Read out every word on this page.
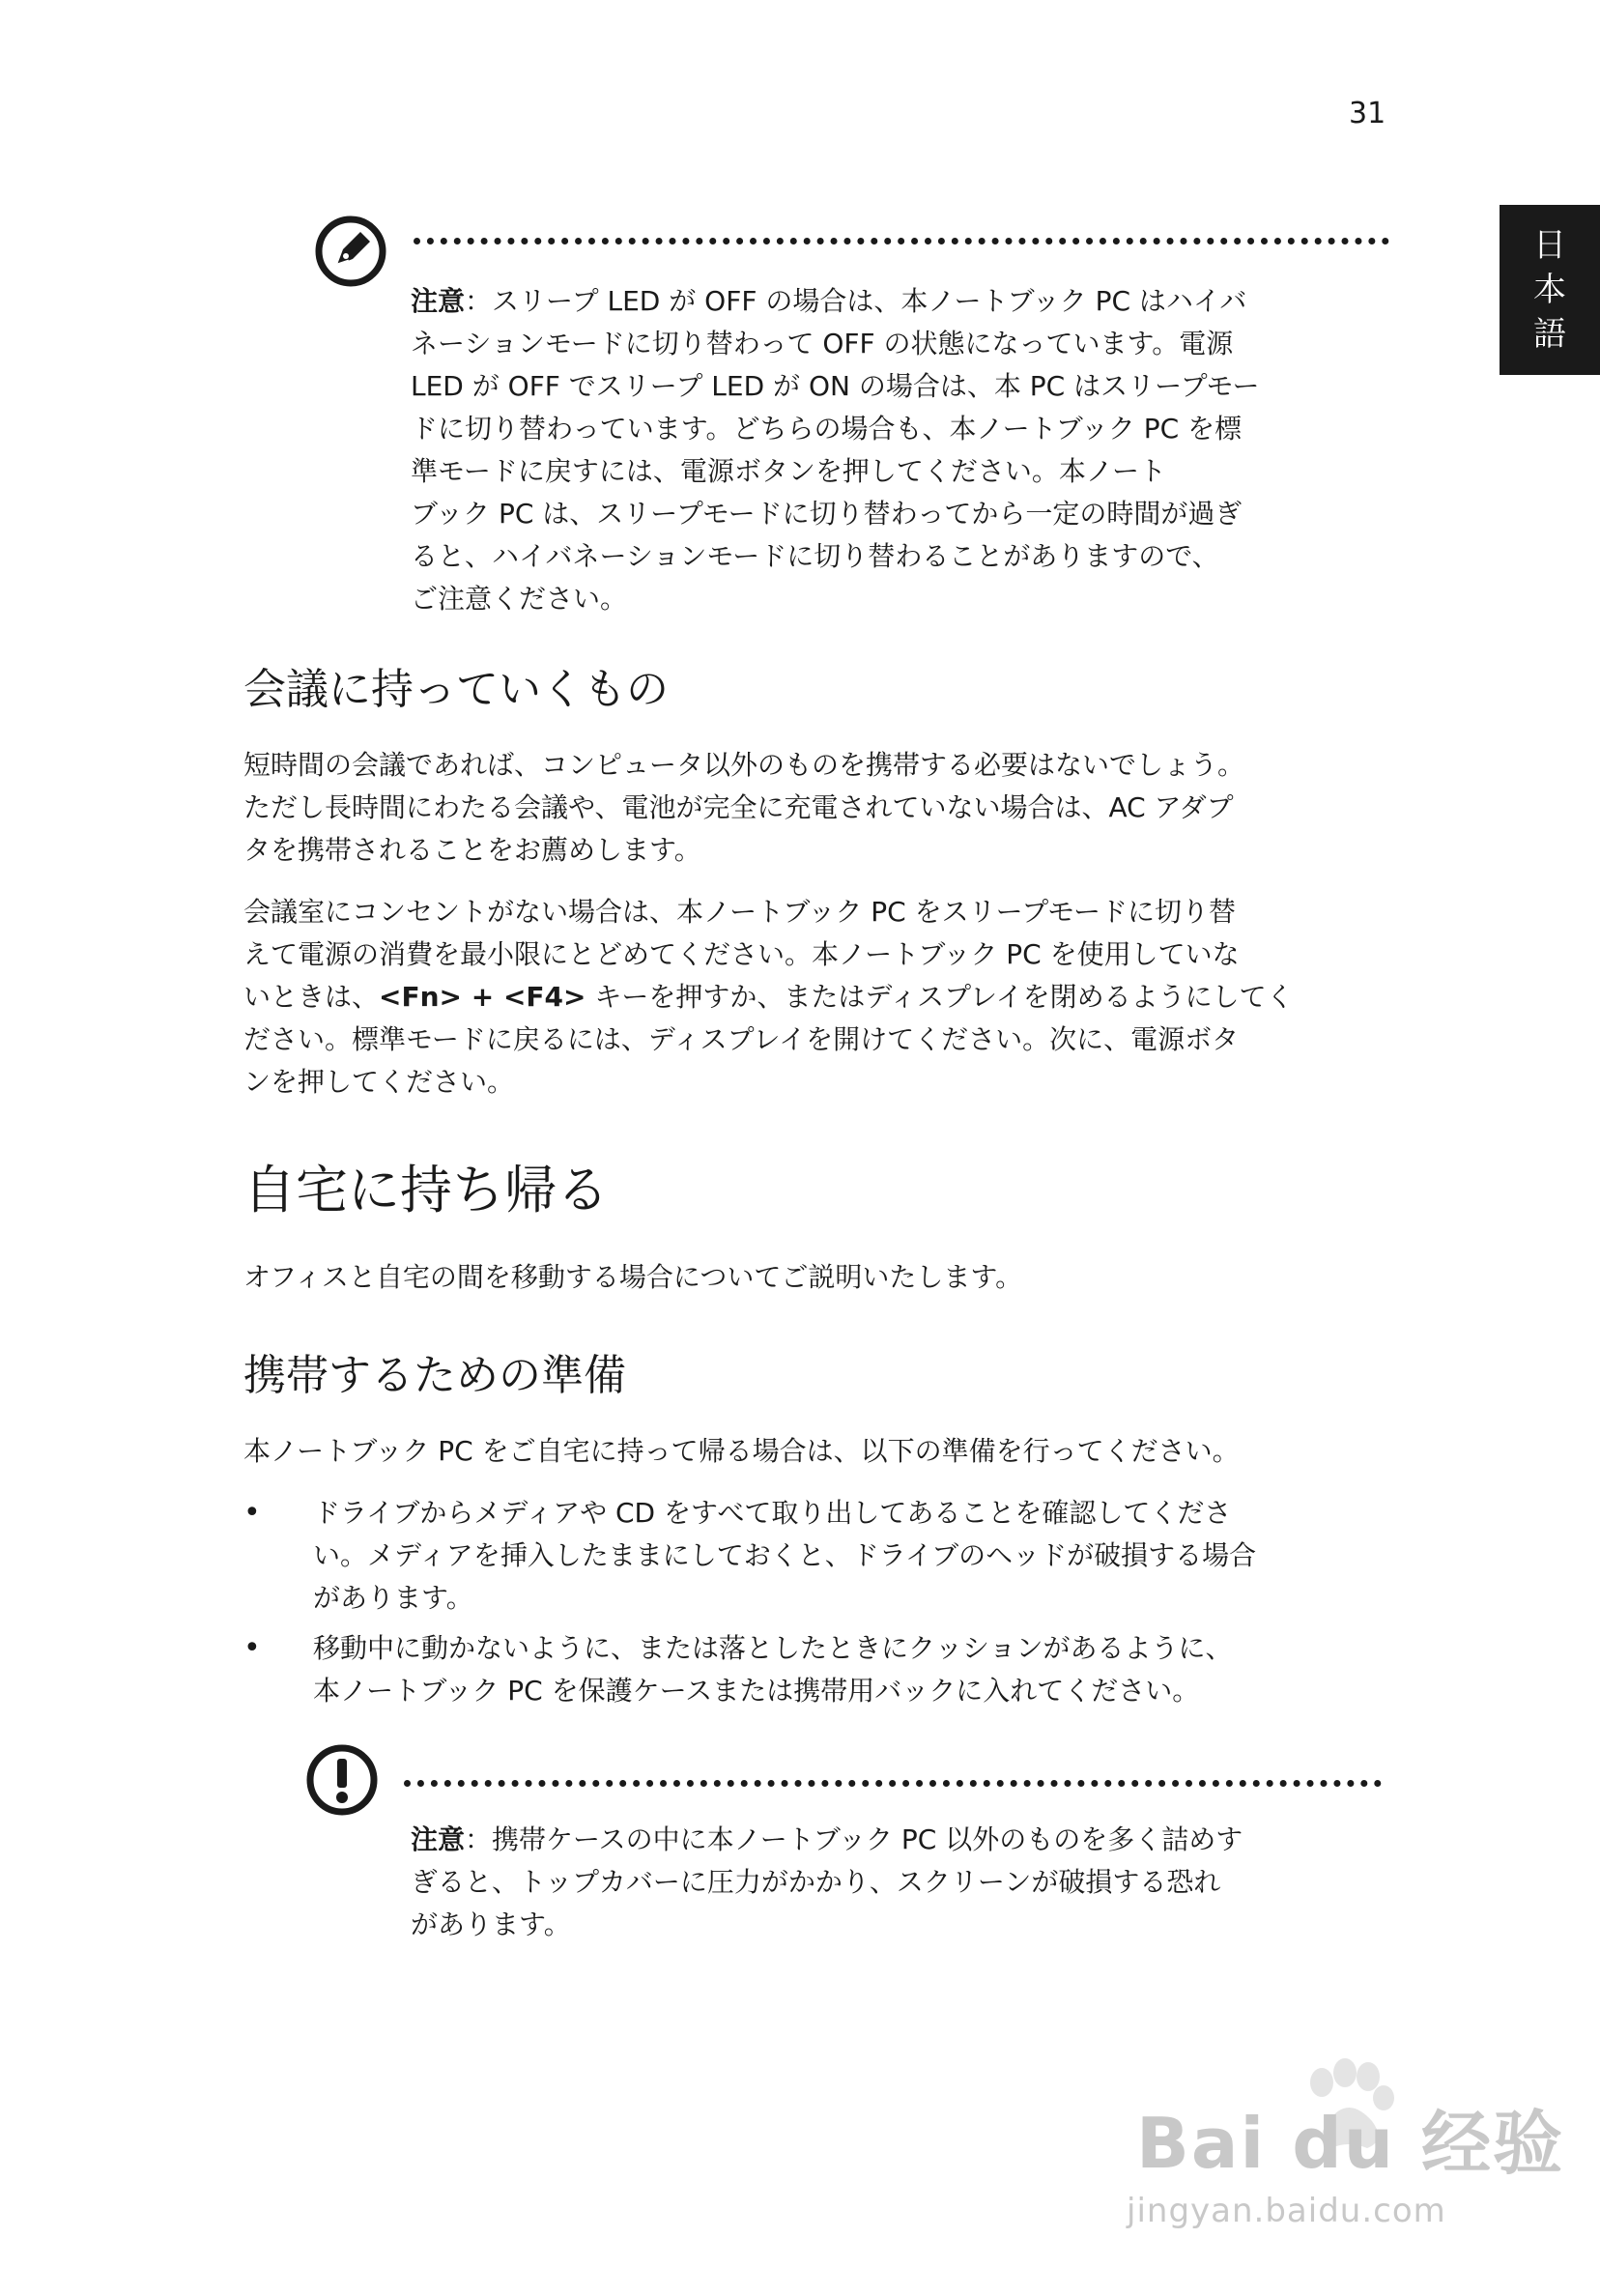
31
日
本
語

注意：スリープ LED が OFF の場合は、本ノートブック PC はハイバ
ネーションモードに切り替わって OFF の状態になっています。電源
LED が OFF でスリープ LED が ON の場合は、本 PC はスリープモー
ドに切り替わっています。どちらの場合も、本ノートブック PC を標
準モードに戻すには、電源ボタンを押してください。本ノート
ブック PC は、スリープモードに切り替わってから一定の時間が過ぎ
ると、ハイバネーションモードに切り替わることがありますので、
ご注意ください。

会議に持っていくもの

短時間の会議であれば、コンピュータ以外のものを携帯する必要はないでしょう。
ただし長時間にわたる会議や、電池が完全に充電されていない場合は、AC アダプ
タを携帯されることをお薦めします。

会議室にコンセントがない場合は、本ノートブック PC をスリープモードに切り替
えて電源の消費を最小限にとどめてください。本ノートブック PC を使用していな
いときは、<Fn> + <F4> キーを押すか、またはディスプレイを閉めるようにしてく
ださい。標準モードに戻るには、ディスプレイを開けてください。次に、電源ボタ
ンを押してください。

自宅に持ち帰る

オフィスと自宅の間を移動する場合についてご説明いたします。

携帯するための準備

本ノートブック PC をご自宅に持って帰る場合は、以下の準備を行ってください。

• ドライブからメディアや CD をすべて取り出してあることを確認してくださ
い。メディアを挿入したままにしておくと、ドライブのヘッドが破損する場合
があります。

• 移動中に動かないように、または落としたときにクッションがあるように、
本ノートブック PC を保護ケースまたは携帯用バックに入れてください。

注意：携帯ケースの中に本ノートブック PC 以外のものを多く詰めす
ぎると、トップカバーに圧力がかかり、スクリーンが破損する恐れ
があります。

Bai du 经验
jingyan.baidu.com
